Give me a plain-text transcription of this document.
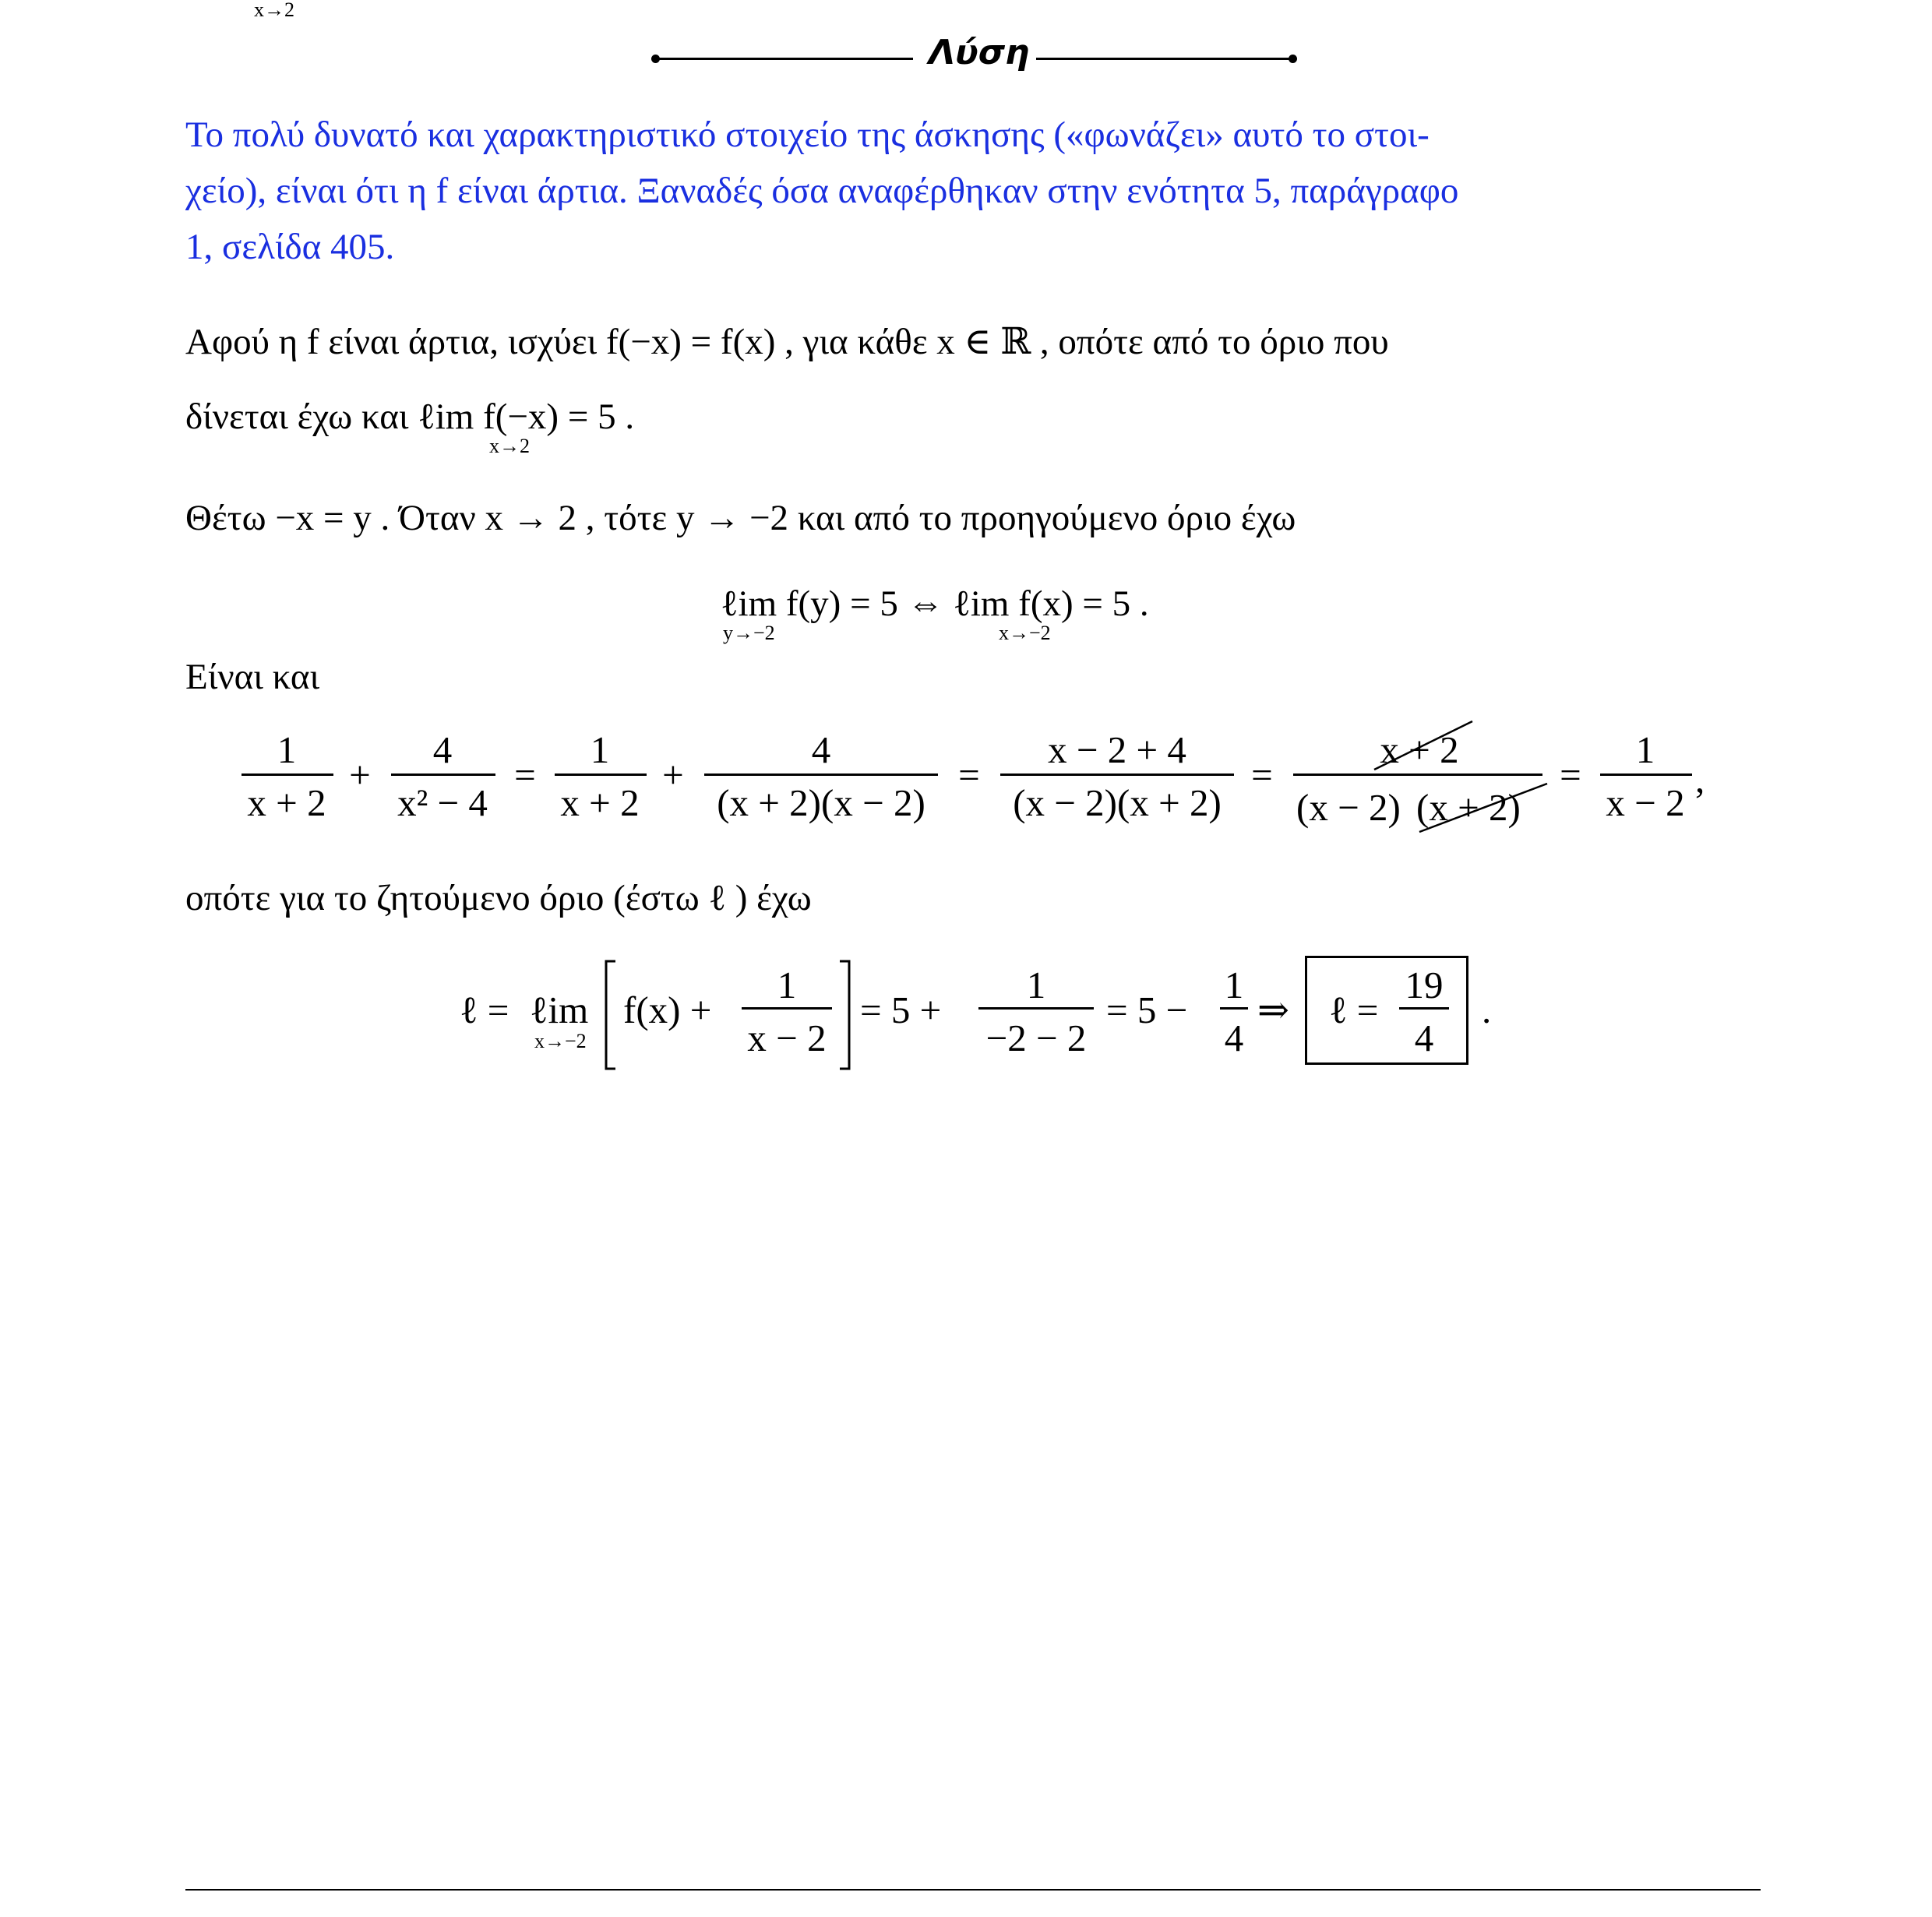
x→2
Λύση
Το πολύ δυνατό και χαρακτηριστικό στοιχείο της άσκησης («φωνάζει» αυτό το στοι-
χείο), είναι ότι η f είναι άρτια. Ξαναδές όσα αναφέρθηκαν στην ενότητα 5, παράγραφο
1, σελίδα 405.
Αφού η f είναι άρτια, ισχύει f(−x) = f(x) , για κάθε x ∈ ℝ , οπότε από το όριο που
δίνεται έχω και ℓim f(−x) = 5 .
x→2
Θέτω −x = y . Όταν x → 2 , τότε y → −2 και από το προηγούμενο όριο έχω
ℓim f(y) = 5 ⇔ ℓim f(x) = 5 .
y→−2	x→−2
Είναι και
1
x + 2
+
4
x² − 4
=
1
x + 2
+
4
(x + 2)(x − 2)
=
x − 2 + 4
(x − 2)(x + 2)
=
x + 2
(x − 2) (x + 2)
=
1
x − 2
,
οπότε για το ζητούμενο όριο (έστω ℓ ) έχω
ℓ = ℓim
x→−2
f(x) +
1
x − 2
= 5 +
1
−2 − 2
= 5 −
1
4
⇒ ℓ =
19
4
.
